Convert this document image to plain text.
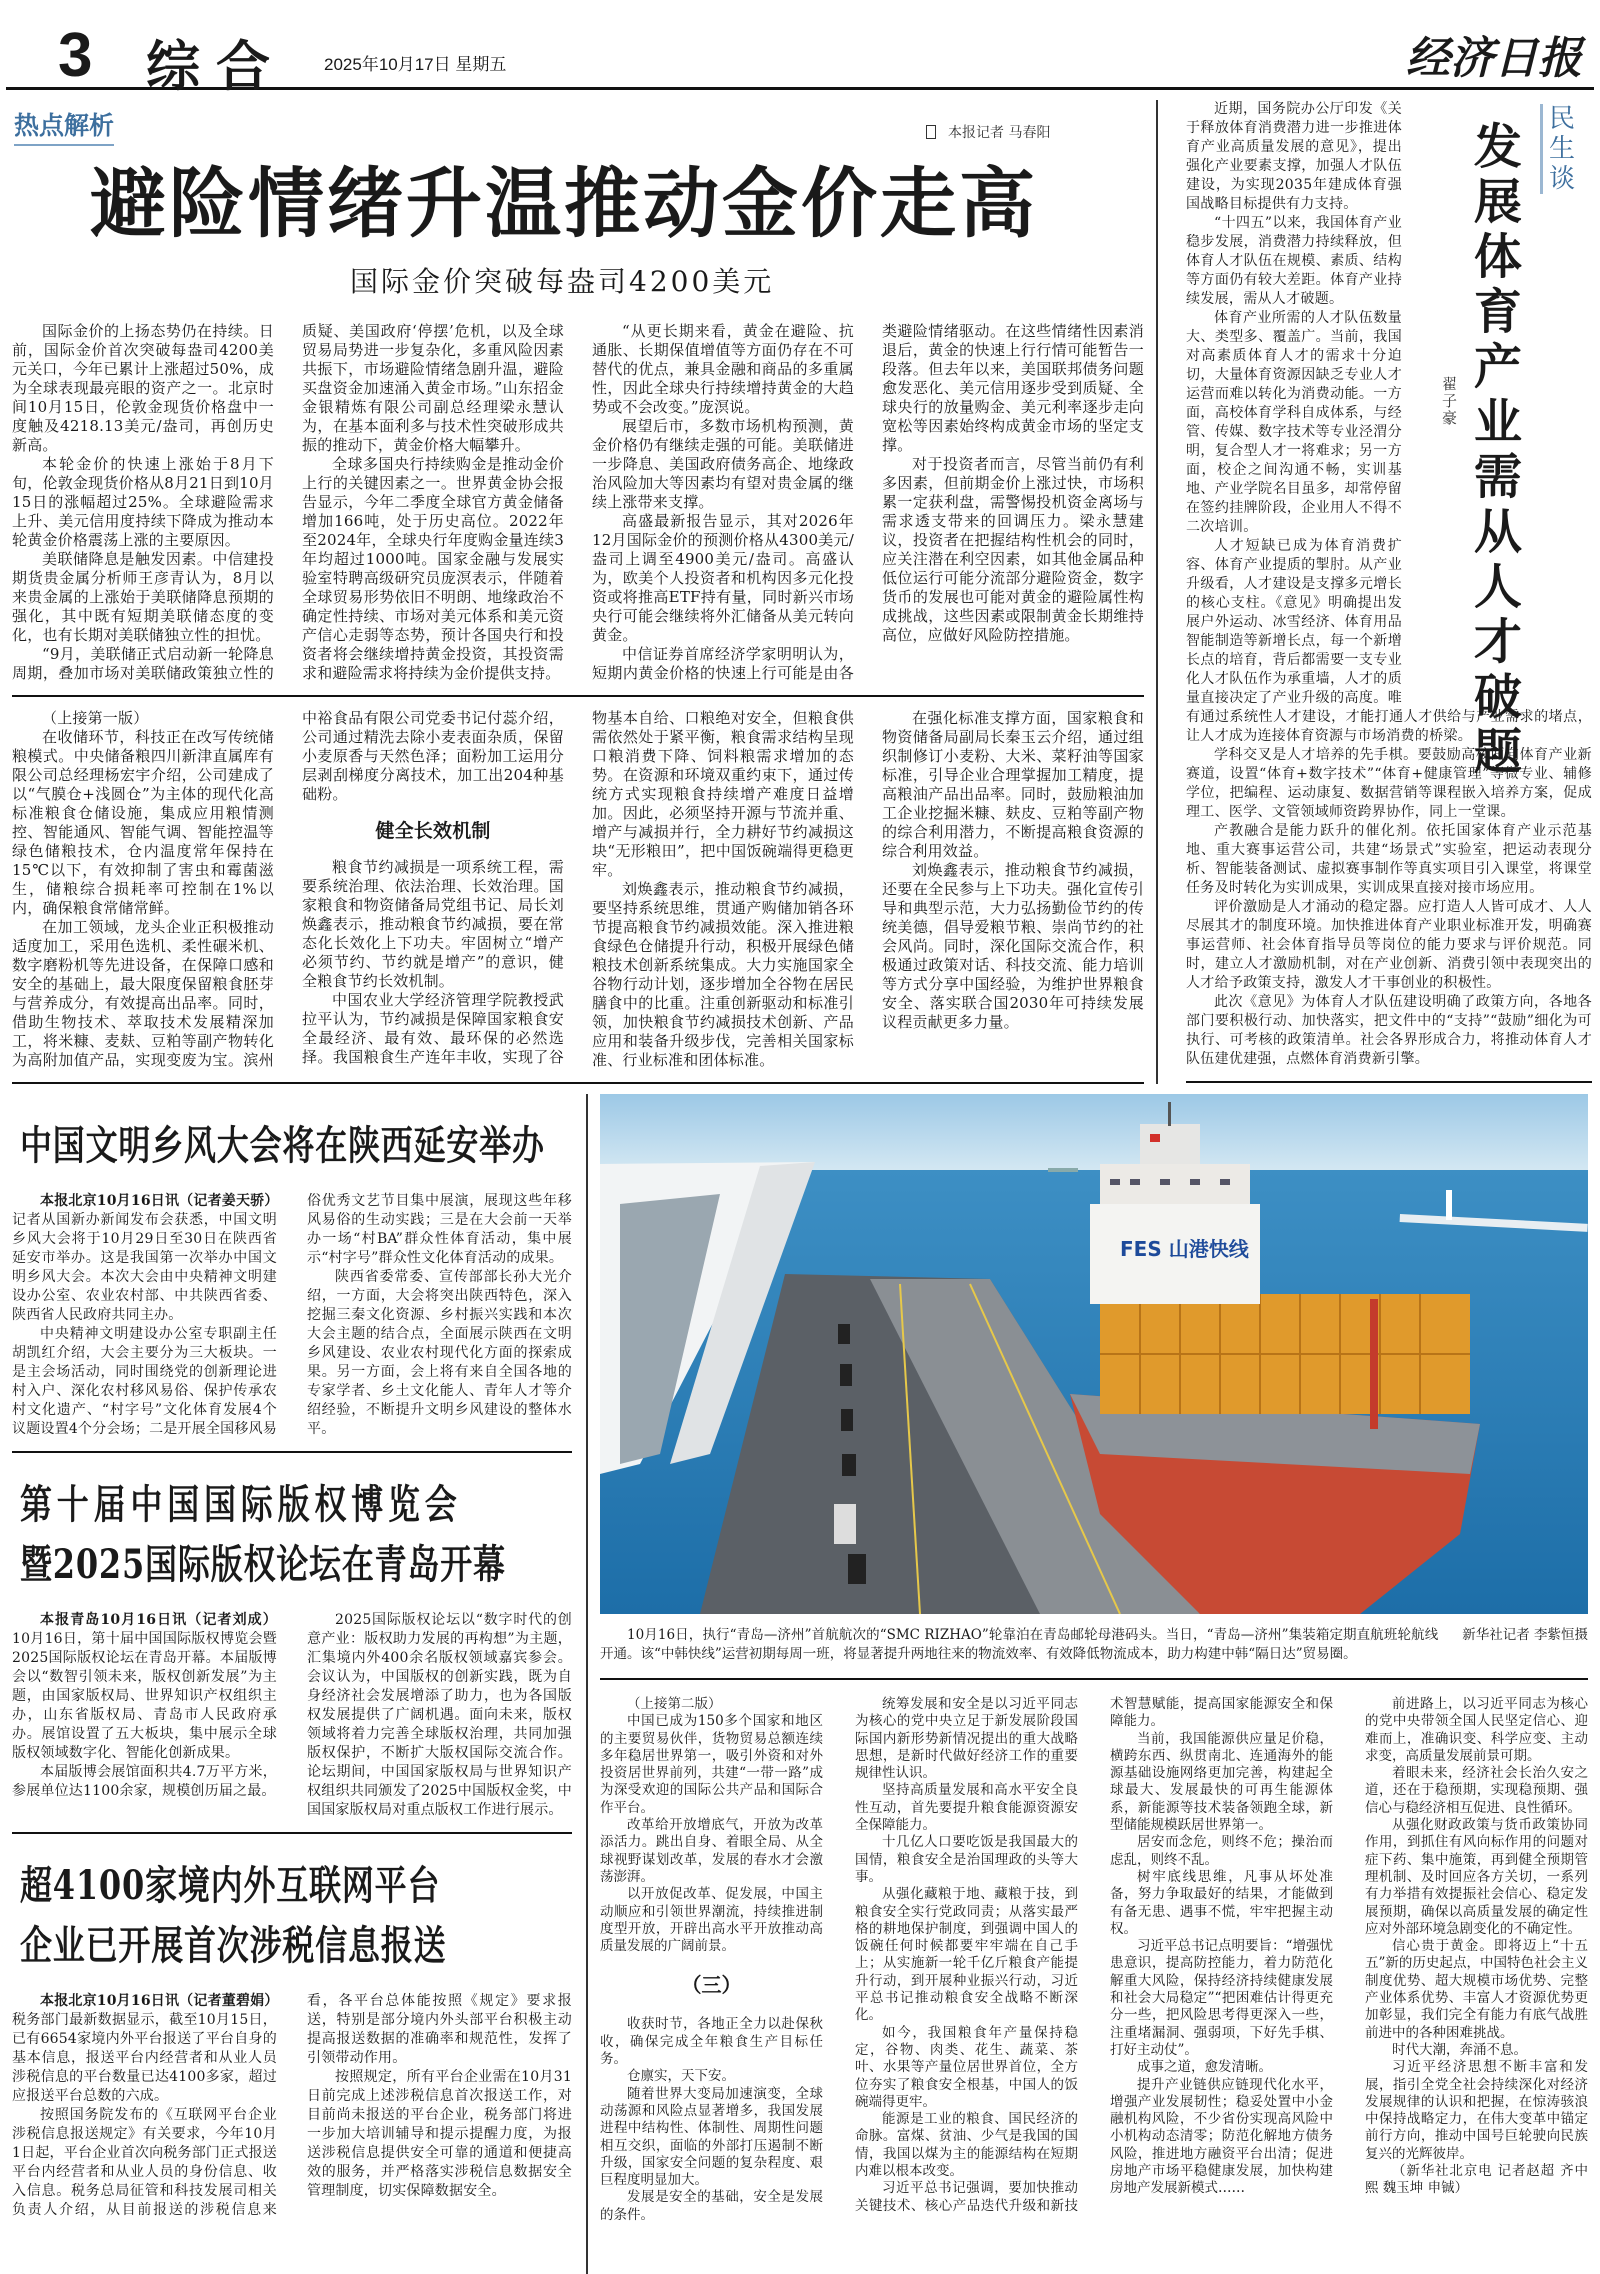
3 综合 2025年10月17日 星期五	经济日报
热点解析	本报记者 马春阳
避险情绪升温推动金价走高
国际金价突破每盎司4200美元

国际金价的上扬态势仍在持续。日前，国际金价首次突破每盎司4200美元关口，今年已累计上涨超过50%，成为全球表现最亮眼的资产之一。北京时间10月15日，伦敦金现货价格盘中一度触及4218.13美元/盎司，再创历史新高。

本轮金价的快速上涨始于8月下旬，伦敦金现货价格从8月21日到10月15日的涨幅超过25%。全球避险需求上升、美元信用度持续下降成为推动本轮黄金价格震荡上涨的主要原因。

美联储降息是触发因素。中信建投期货贵金属分析师王彦青认为，8月以来贵金属的上涨始于美联储降息预期的强化，其中既有短期美联储态度的变化，也有长期对美联储独立性的担忧。

“9月，美联储正式启动新一轮降息周期，叠加市场对美联储政策独立性的质疑、美国政府‘停摆’危机，以及全球贸易局势进一步复杂化，多重风险因素共振下，市场避险情绪急剧升温，避险买盘资金加速涌入黄金市场。”山东招金金银精炼有限公司副总经理梁永慧认为，在基本面利多与技术性突破形成共振的推动下，黄金价格大幅攀升。

全球多国央行持续购金是推动金价上行的关键因素之一。世界黄金协会报告显示，今年二季度全球官方黄金储备增加166吨，处于历史高位。2022年至2024年，全球央行年度购金量连续3年均超过1000吨。国家金融与发展实验室特聘高级研究员庞溟表示，伴随着全球贸易形势依旧不明朗、地缘政治不确定性持续、市场对美元体系和美元资产信心走弱等态势，预计各国央行和投资者将会继续增持黄金投资，其投资需求和避险需求将持续为金价提供支持。

“从更长期来看，黄金在避险、抗通胀、长期保值增值等方面仍存在不可替代的优点，兼具金融和商品的多重属性，因此全球央行持续增持黄金的大趋势或不会改变。”庞溟说。

展望后市，多数市场机构预测，黄金价格仍有继续走强的可能。美联储进一步降息、美国政府债务高企、地缘政治风险加大等因素均有望对贵金属的继续上涨带来支撑。

高盛最新报告显示，其对2026年12月国际金价的预测价格从4300美元/盎司上调至4900美元/盎司。高盛认为，欧美个人投资者和机构因多元化投资或将推高ETF持有量，同时新兴市场央行可能会继续将外汇储备从美元转向黄金。

中信证券首席经济学家明明认为，短期内黄金价格的快速上行可能是由各类避险情绪驱动。在这些情绪性因素消退后，黄金的快速上行行情可能暂告一段落。但去年以来，美国联邦债务问题愈发恶化、美元信用逐步受到质疑、全球央行的放量购金、美元利率逐步走向宽松等因素始终构成黄金市场的坚定支撑。

对于投资者而言，尽管当前仍有利多因素，但前期金价上涨过快，市场积累一定获利盘，需警惕投机资金离场与需求透支带来的回调压力。梁永慧建议，投资者在把握结构性机会的同时，应关注潜在利空因素，如其他金属品种低位运行可能分流部分避险资金，数字货币的发展也可能对黄金的避险属性构成挑战，这些因素或限制黄金长期维持高位，应做好风险防控措施。

（上接第一版）

在收储环节，科技正在改写传统储粮模式。中央储备粮四川新津直属库有限公司总经理杨宏宇介绍，公司建成了以“气膜仓+浅圆仓”为主体的现代化高标准粮食仓储设施，集成应用粮情测控、智能通风、智能气调、智能控温等绿色储粮技术，仓内温度常年保持在15℃以下，有效抑制了害虫和霉菌滋生，储粮综合损耗率可控制在1%以内，确保粮食常储常鲜。

在加工领域，龙头企业正积极推动适度加工，采用色选机、柔性碾米机、数字磨粉机等先进设备，在保障口感和安全的基础上，最大限度保留粮食胚芽与营养成分，有效提高出品率。同时，借助生物技术、萃取技术发展精深加工，将米糠、麦麸、豆粕等副产物转化为高附加值产品，实现变废为宝。滨州中裕食品有限公司党委书记付蕊介绍，公司通过精洗去除小麦表面杂质，保留小麦原香与天然色泽；面粉加工运用分层剥刮梯度分离技术，加工出204种基础粉。

健全长效机制

粮食节约减损是一项系统工程，需要系统治理、依法治理、长效治理。国家粮食和物资储备局党组书记、局长刘焕鑫表示，推动粮食节约减损，要在常态化长效化上下功夫。牢固树立“增产必须节约、节约就是增产”的意识，健全粮食节约长效机制。

中国农业大学经济管理学院教授武拉平认为，节约减损是保障国家粮食安全最经济、最有效、最环保的必然选择。我国粮食生产连年丰收，实现了谷物基本自给、口粮绝对安全，但粮食供需依然处于紧平衡，粮食需求结构呈现口粮消费下降、饲料粮需求增加的态势。在资源和环境双重约束下，通过传统方式实现粮食持续增产难度日益增加。因此，必须坚持开源与节流并重、增产与减损并行，全力耕好节约减损这块“无形粮田”，把中国饭碗端得更稳更牢。

刘焕鑫表示，推动粮食节约减损，要坚持系统思维，贯通产购储加销各环节提高粮食节约减损效能。深入推进粮食绿色仓储提升行动，积极开展绿色储粮技术创新系统集成。大力实施国家全谷物行动计划，逐步增加全谷物在居民膳食中的比重。注重创新驱动和标准引领，加快粮食节约减损技术创新、产品应用和装备升级步伐，完善相关国家标准、行业标准和团体标准。

在强化标准支撑方面，国家粮食和物资储备局副局长秦玉云介绍，通过组织制修订小麦粉、大米、菜籽油等国家标准，引导企业合理掌握加工精度，提高粮油产品出品率。同时，鼓励粮油加工企业挖掘米糠、麸皮、豆粕等副产物的综合利用潜力，不断提高粮食资源的综合利用效益。

刘焕鑫表示，推动粮食节约减损，还要在全民参与上下功夫。强化宣传引导和典型示范，大力弘扬勤俭节约的传统美德，倡导爱粮节粮、崇尚节约的社会风尚。同时，深化国际交流合作，积极通过政策对话、科技交流、能力培训等方式分享中国经验，为维护世界粮食安全、落实联合国2030年可持续发展议程贡献更多力量。

翟子豪
发展体育产业需从人才破题
民生谈

近期，国务院办公厅印发《关于释放体育消费潜力进一步推进体育产业高质量发展的意见》，提出强化产业要素支撑，加强人才队伍建设，为实现2035年建成体育强国战略目标提供有力支持。

“十四五”以来，我国体育产业稳步发展，消费潜力持续释放，但体育人才队伍在规模、素质、结构等方面仍有较大差距。体育产业持续发展，需从人才破题。

体育产业所需的人才队伍数量大、类型多、覆盖广。当前，我国对高素质体育人才的需求十分迫切，大量体育资源因缺乏专业人才运营而难以转化为消费动能。一方面，高校体育学科自成体系，与经管、传媒、数字技术等专业泾渭分明，复合型人才一将难求；另一方面，校企之间沟通不畅，实训基地、产业学院名目虽多，却常停留在签约挂牌阶段，企业用人不得不二次培训。

人才短缺已成为体育消费扩容、体育产业提质的掣肘。从产业升级看，人才建设是支撑多元增长的核心支柱。《意见》明确提出发展户外运动、冰雪经济、体育用品智能制造等新增长点，每一个新增长点的培育，背后都需要一支专业化人才队伍作为承重墙，人才的质量直接决定了产业升级的高度。唯有通过系统性人才建设，才能打通人才供给与产业需求的堵点，让人才成为连接体育资源与市场消费的桥梁。

学科交叉是人才培养的先手棋。要鼓励高校面向体育产业新赛道，设置“体育+数字技术”“体育+健康管理”等微专业、辅修学位，把编程、运动康复、数据营销等课程嵌入培养方案，促成理工、医学、文管领域师资跨界协作，同上一堂课。

产教融合是能力跃升的催化剂。依托国家体育产业示范基地、重大赛事运营公司，共建“场景式”实验室，把运动表现分析、智能装备测试、虚拟赛事制作等真实项目引入课堂，将课堂任务及时转化为实训成果，实训成果直接对接市场应用。

评价激励是人才涌动的稳定器。应打造人人皆可成才、人人尽展其才的制度环境。加快推进体育产业职业标准开发，明确赛事运营师、社会体育指导员等岗位的能力要求与评价规范。同时，建立人才激励机制，对在产业创新、消费引领中表现突出的人才给予政策支持，激发人才干事创业的积极性。

此次《意见》为体育人才队伍建设明确了政策方向，各地各部门要积极行动、加快落实，把文件中的“支持”“鼓励”细化为可执行、可考核的政策清单。社会各界形成合力，将推动体育人才队伍建优建强，点燃体育消费新引擎。

中国文明乡风大会将在陕西延安举办

本报北京10月16日讯（记者姜天骄）记者从国新办新闻发布会获悉，中国文明乡风大会将于10月29日至30日在陕西省延安市举办。这是我国第一次举办中国文明乡风大会。本次大会由中央精神文明建设办公室、农业农村部、中共陕西省委、陕西省人民政府共同主办。

中央精神文明建设办公室专职副主任胡凯红介绍，大会主要分为三大板块。一是主会场活动，同时围绕党的创新理论进村入户、深化农村移风易俗、保护传承农村文化遗产、“村字号”文化体育发展4个议题设置4个分会场；二是开展全国移风易俗优秀文艺节目集中展演，展现这些年移风易俗的生动实践；三是在大会前一天举办一场“村BA”群众性体育活动，集中展示“村字号”群众性文化体育活动的成果。

陕西省委常委、宣传部部长孙大光介绍，一方面，大会将突出陕西特色，深入挖掘三秦文化资源、乡村振兴实践和本次大会主题的结合点，全面展示陕西在文明乡风建设、农业农村现代化方面的探索成果。另一方面，会上将有来自全国各地的专家学者、乡土文化能人、青年人才等介绍经验，不断提升文明乡风建设的整体水平。

第十届中国国际版权博览会
暨2025国际版权论坛在青岛开幕

本报青岛10月16日讯（记者刘成）10月16日，第十届中国国际版权博览会暨2025国际版权论坛在青岛开幕。本届版博会以“数智引领未来，版权创新发展”为主题，由国家版权局、世界知识产权组织主办，山东省版权局、青岛市人民政府承办。展馆设置了五大板块，集中展示全球版权领域数字化、智能化创新成果。

本届版博会展馆面积共4.7万平方米，参展单位达1100余家，规模创历届之最。

2025国际版权论坛以“数字时代的创意产业：版权助力发展的再构想”为主题，汇集境内外400余名版权领域嘉宾参会。会议认为，中国版权的创新实践，既为自身经济社会发展增添了助力，也为各国版权发展提供了广阔机遇。面向未来，版权领域将着力完善全球版权治理，共同加强版权保护，不断扩大版权国际交流合作。论坛期间，中国国家版权局与世界知识产权组织共同颁发了2025中国版权金奖，中国国家版权局对重点版权工作进行展示。

超4100家境内外互联网平台
企业已开展首次涉税信息报送

本报北京10月16日讯（记者董碧娟）税务部门最新数据显示，截至10月15日，已有6654家境内外平台报送了平台自身的基本信息，报送平台内经营者和从业人员涉税信息的平台数量已达4100多家，超过应报送平台总数的六成。

按照国务院发布的《互联网平台企业涉税信息报送规定》有关要求，今年10月1日起，平台企业首次向税务部门正式报送平台内经营者和从业人员的身份信息、收入信息。税务总局征管和科技发展司相关负责人介绍，从目前报送的涉税信息来看，各平台总体能按照《规定》要求报送，特别是部分境内外头部平台积极主动提高报送数据的准确率和规范性，发挥了引领带动作用。

按照规定，所有平台企业需在10月31日前完成上述涉税信息首次报送工作，对目前尚未报送的平台企业，税务部门将进一步加大培训辅导和提示提醒力度，为报送涉税信息提供安全可靠的通道和便捷高效的服务，并严格落实涉税信息数据安全管理制度，切实保障数据安全。

FES 山港快线
新华社记者 李紫恒摄
10月16日，执行“青岛—济州”首航航次的“SMC RIZHAO”轮靠泊在青岛邮轮母港码头。当日，“青岛—济州”集装箱定期直航班轮航线开通。该“中韩快线”运营初期每周一班，将显著提升两地往来的物流效率、有效降低物流成本，助力构建中韩“隔日达”贸易圈。

（上接第二版）

中国已成为150多个国家和地区的主要贸易伙伴，货物贸易总额连续多年稳居世界第一，吸引外资和对外投资居世界前列，共建“一带一路”成为深受欢迎的国际公共产品和国际合作平台。

改革给开放增底气，开放为改革添活力。跳出自身、着眼全局、从全球视野谋划改革，发展的春水才会激荡澎湃。

以开放促改革、促发展，中国主动顺应和引领世界潮流，持续推进制度型开放，开辟出高水平开放推动高质量发展的广阔前景。

（三）

收获时节，各地正全力以赴保秋收，确保完成全年粮食生产目标任务。

仓廪实，天下安。

随着世界大变局加速演变，全球动荡源和风险点显著增多，我国发展进程中结构性、体制性、周期性问题相互交织，面临的外部打压遏制不断升级，国家安全问题的复杂程度、艰巨程度明显加大。

发展是安全的基础，安全是发展的条件。

统筹发展和安全是以习近平同志为核心的党中央立足于新发展阶段国际国内新形势新情况提出的重大战略思想，是新时代做好经济工作的重要规律性认识。

坚持高质量发展和高水平安全良性互动，首先要提升粮食能源资源安全保障能力。

十几亿人口要吃饭是我国最大的国情，粮食安全是治国理政的头等大事。

从强化藏粮于地、藏粮于技，到粮食安全实行党政同责；从落实最严格的耕地保护制度，到强调中国人的饭碗任何时候都要牢牢端在自己手上；从实施新一轮千亿斤粮食产能提升行动，到开展种业振兴行动，习近平总书记推动粮食安全战略不断深化。

如今，我国粮食年产量保持稳定，谷物、肉类、花生、蔬菜、茶叶、水果等产量位居世界首位，全方位夯实了粮食安全根基，中国人的饭碗端得更牢。

能源是工业的粮食、国民经济的命脉。富煤、贫油、少气是我国的国情，我国以煤为主的能源结构在短期内难以根本改变。

习近平总书记强调，要加快推动关键技术、核心产品迭代升级和新技术智慧赋能，提高国家能源安全和保障能力。

当前，我国能源供应量足价稳，横跨东西、纵贯南北、连通海外的能源基础设施网络更加完善，构建起全球最大、发展最快的可再生能源体系，新能源等技术装备领跑全球，新型储能规模跃居世界第一。

居安而念危，则终不危；操治而虑乱，则终不乱。

树牢底线思维，凡事从坏处准备，努力争取最好的结果，才能做到有备无患、遇事不慌，牢牢把握主动权。

习近平总书记点明要旨：“增强忧患意识，提高防控能力，着力防范化解重大风险，保持经济持续健康发展和社会大局稳定”“把困难估计得更充分一些，把风险思考得更深入一些，注重堵漏洞、强弱项，下好先手棋、打好主动仗”。

成事之道，愈发清晰。

提升产业链供应链现代化水平，增强产业发展韧性；稳妥处置中小金融机构风险，不少省份实现高风险中小机构动态清零；防范化解地方债务风险，推进地方融资平台出清；促进房地产市场平稳健康发展，加快构建房地产发展新模式……

前进路上，以习近平同志为核心的党中央带领全国人民坚定信心、迎难而上，准确识变、科学应变、主动求变，高质量发展前景可期。

着眼未来，经济社会长治久安之道，还在于稳预期，实现稳预期、强信心与稳经济相互促进、良性循环。

从强化财政政策与货币政策协同作用，到抓住有风向标作用的问题对症下药、集中施策，再到健全预期管理机制、及时回应各方关切，一系列有力举措有效提振社会信心、稳定发展预期，确保以高质量发展的确定性应对外部环境急剧变化的不确定性。

信心贵于黄金。即将迈上“十五五”新的历史起点，中国特色社会主义制度优势、超大规模市场优势、完整产业体系优势、丰富人才资源优势更加彰显，我们完全有能力有底气战胜前进中的各种困难挑战。

时代大潮，奔涌不息。

习近平经济思想不断丰富和发展，指引全党全社会持续深化对经济发展规律的认识和把握，在惊涛骇浪中保持战略定力，在伟大变革中锚定前行方向，推动中国号巨轮驶向民族复兴的光辉彼岸。

（新华社北京电 记者赵超 齐中熙 魏玉坤 申铖）
